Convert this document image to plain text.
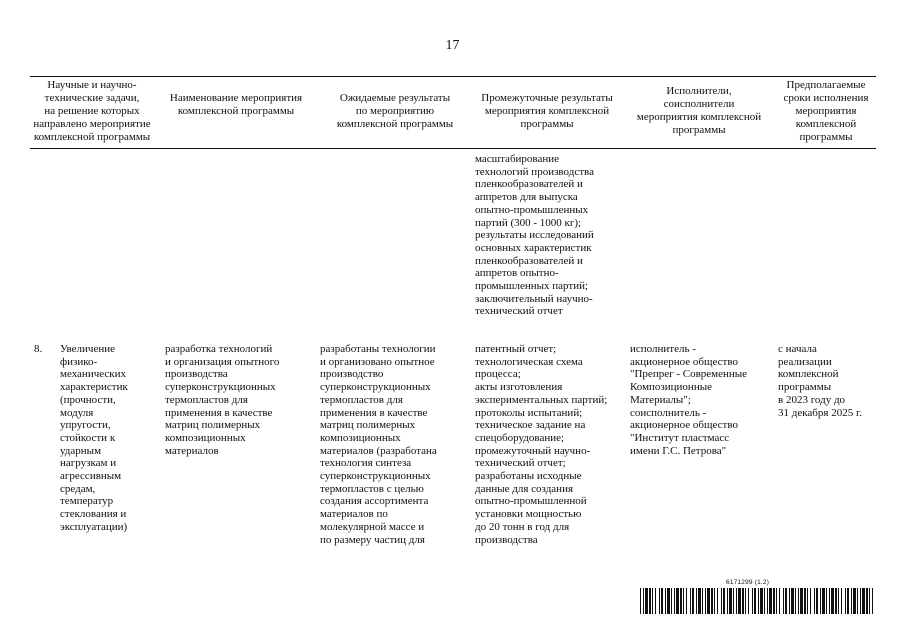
17
Научные и научно-
технические задачи,
на решение которых
направлено мероприятие
комплексной программы
Наименование мероприятия
комплексной программы
Ожидаемые результаты
по мероприятию
комплексной программы
Промежуточные результаты
мероприятия комплексной
программы
Исполнители,
соисполнители
мероприятия комплексной
программы
Предполагаемые
сроки исполнения
мероприятия
комплексной
программы
масштабирование
технологий производства
пленкообразователей и
аппретов для выпуска
опытно-промышленных
партий (300 - 1000 кг);
результаты исследований
основных характеристик
пленкообразователей и
аппретов опытно-
промышленных партий;
заключительный научно-
технический отчет
8. Увеличение
физико-
механических
характеристик
(прочности,
модуля
упругости,
стойкости к
ударным
нагрузкам и
агрессивным
средам,
температур
стеклования и
эксплуатации)
разработка технологий
и организация опытного
производства
суперконструкционных
термопластов для
применения в качестве
матриц полимерных
композиционных
материалов
разработаны технологии
и организовано опытное
производство
суперконструкционных
термопластов для
применения в качестве
матриц полимерных
композиционных
материалов (разработана
технология синтеза
суперконструкционных
термопластов с целью
создания ассортимента
материалов по
молекулярной массе и
по размеру частиц для
патентный отчет;
технологическая схема
процесса;
акты изготовления
экспериментальных партий;
протоколы испытаний;
техническое задание на
спецоборудование;
промежуточный научно-
технический отчет;
разработаны исходные
данные для создания
опытно-промышленной
установки мощностью
до 20 тонн в год для
производства
исполнитель -
акционерное общество
"Препрег - Современные
Композиционные
Материалы";
соисполнитель -
акционерное общество
"Институт пластмасс
имени Г.С. Петрова"
с начала
реализации
комплексной
программы
в 2023 году до
31 декабря 2025 г.
6171299 (1.2)
